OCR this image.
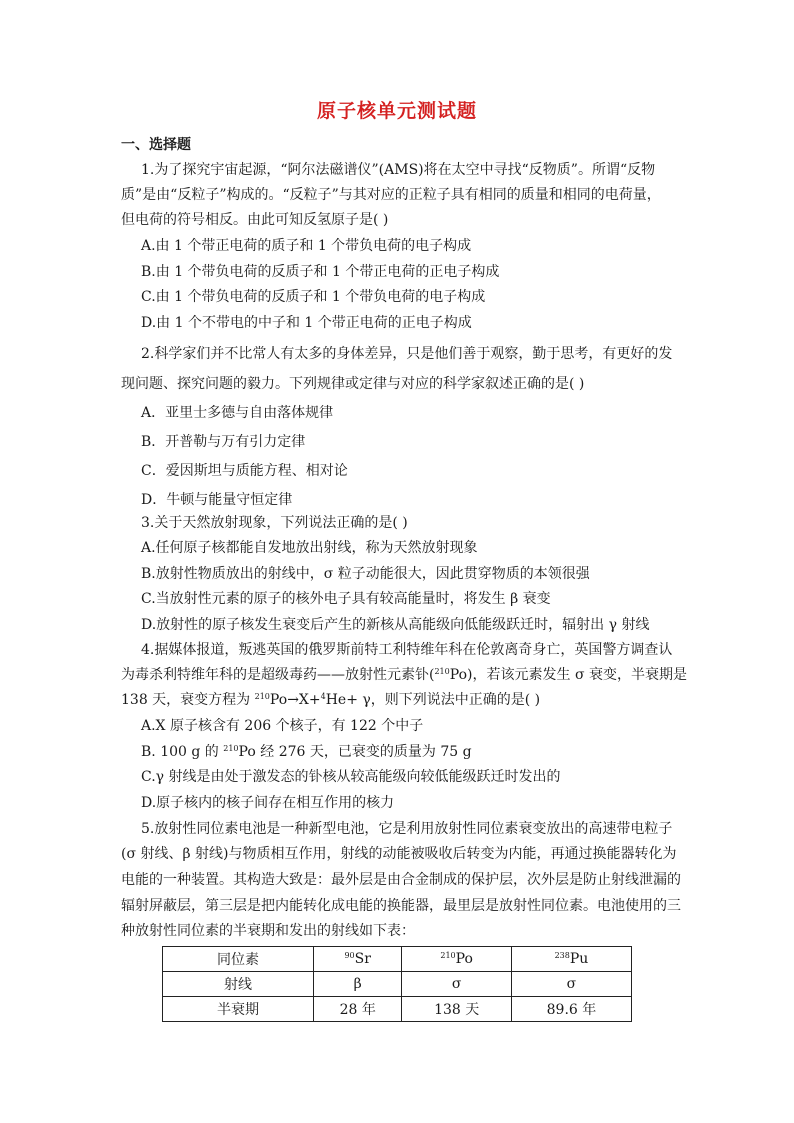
原子核单元测试题
一、选择题
1.为了探究宇宙起源，“阿尔法磁谱仪”(AMS)将在太空中寻找“反物质”。所谓“反物
质”是由“反粒子”构成的。“反粒子”与其对应的正粒子具有相同的质量和相同的电荷量，
但电荷的符号相反。由此可知反氢原子是( )
A.由 1 个带正电荷的质子和 1 个带负电荷的电子构成
B.由 1 个带负电荷的反质子和 1 个带正电荷的正电子构成
C.由 1 个带负电荷的反质子和 1 个带负电荷的电子构成
D.由 1 个不带电的中子和 1 个带正电荷的正电子构成
2.科学家们并不比常人有太多的身体差异，只是他们善于观察，勤于思考，有更好的发
现问题、探究问题的毅力。下列规律或定律与对应的科学家叙述正确的是( )
A．亚里士多德与自由落体规律
B．开普勒与万有引力定律
C．爱因斯坦与质能方程、相对论
D．牛顿与能量守恒定律
3.关于天然放射现象，下列说法正确的是( )
A.任何原子核都能自发地放出射线，称为天然放射现象
B.放射性物质放出的射线中，σ 粒子动能很大，因此贯穿物质的本领很强
C.当放射性元素的原子的核外电子具有较高能量时，将发生 β 衰变
D.放射性的原子核发生衰变后产生的新核从高能级向低能级跃迁时，辐射出 γ 射线
4.据媒体报道，叛逃英国的俄罗斯前特工利特维年科在伦敦离奇身亡，英国警方调查认
为毒杀利特维年科的是超级毒药——放射性元素钋($^{210}$Po)，若该元素发生 σ 衰变，半衰期是
138 天，衰变方程为 $^{210}$Po→X+$^4$He+ γ，则下列说法中正确的是( )
A.X 原子核含有 206 个核子，有 122 个中子
B. 100 g 的 $^{210}$Po 经 276 天，已衰变的质量为 75 g
C.γ 射线是由处于激发态的钋核从较高能级向较低能级跃迁时发出的
D.原子核内的核子间存在相互作用的核力
5.放射性同位素电池是一种新型电池，它是利用放射性同位素衰变放出的高速带电粒子
(σ 射线、β 射线)与物质相互作用，射线的动能被吸收后转变为内能，再通过换能器转化为
电能的一种装置。其构造大致是：最外层是由合金制成的保护层，次外层是防止射线泄漏的
辐射屏蔽层，第三层是把内能转化成电能的换能器，最里层是放射性同位素。电池使用的三
种放射性同位素的半衰期和发出的射线如下表：
同位素	$^{90}$Sr	$^{210}$Po	$^{238}$Pu
射线	β	σ	σ
半衰期	28 年	138 天	89.6 年
